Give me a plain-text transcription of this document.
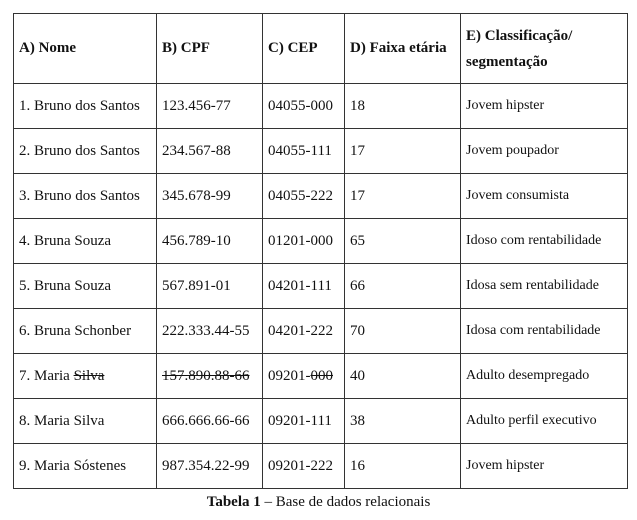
A) Nome	B) CPF	C) CEP	D) Faixa etária	E) Classificação/ segmentação
1. Bruno dos Santos	123.456-77	04055-000	18	Jovem hipster
2. Bruno dos Santos	234.567-88	04055-111	17	Jovem poupador
3. Bruno dos Santos	345.678-99	04055-222	17	Jovem consumista
4. Bruna Souza	456.789-10	01201-000	65	Idoso com rentabilidade
5. Bruna Souza	567.891-01	04201-111	66	Idosa sem rentabilidade
6. Bruna Schonber	222.333.44-55	04201-222	70	Idosa com rentabilidade
7. Maria Silva	157.890.88-66	09201-000	40	Adulto desempregado
8. Maria Silva	666.666.66-66	09201-111	38	Adulto perfil executivo
9. Maria Sóstenes	987.354.22-99	09201-222	16	Jovem hipster
Tabela 1 – Base de dados relacionais
